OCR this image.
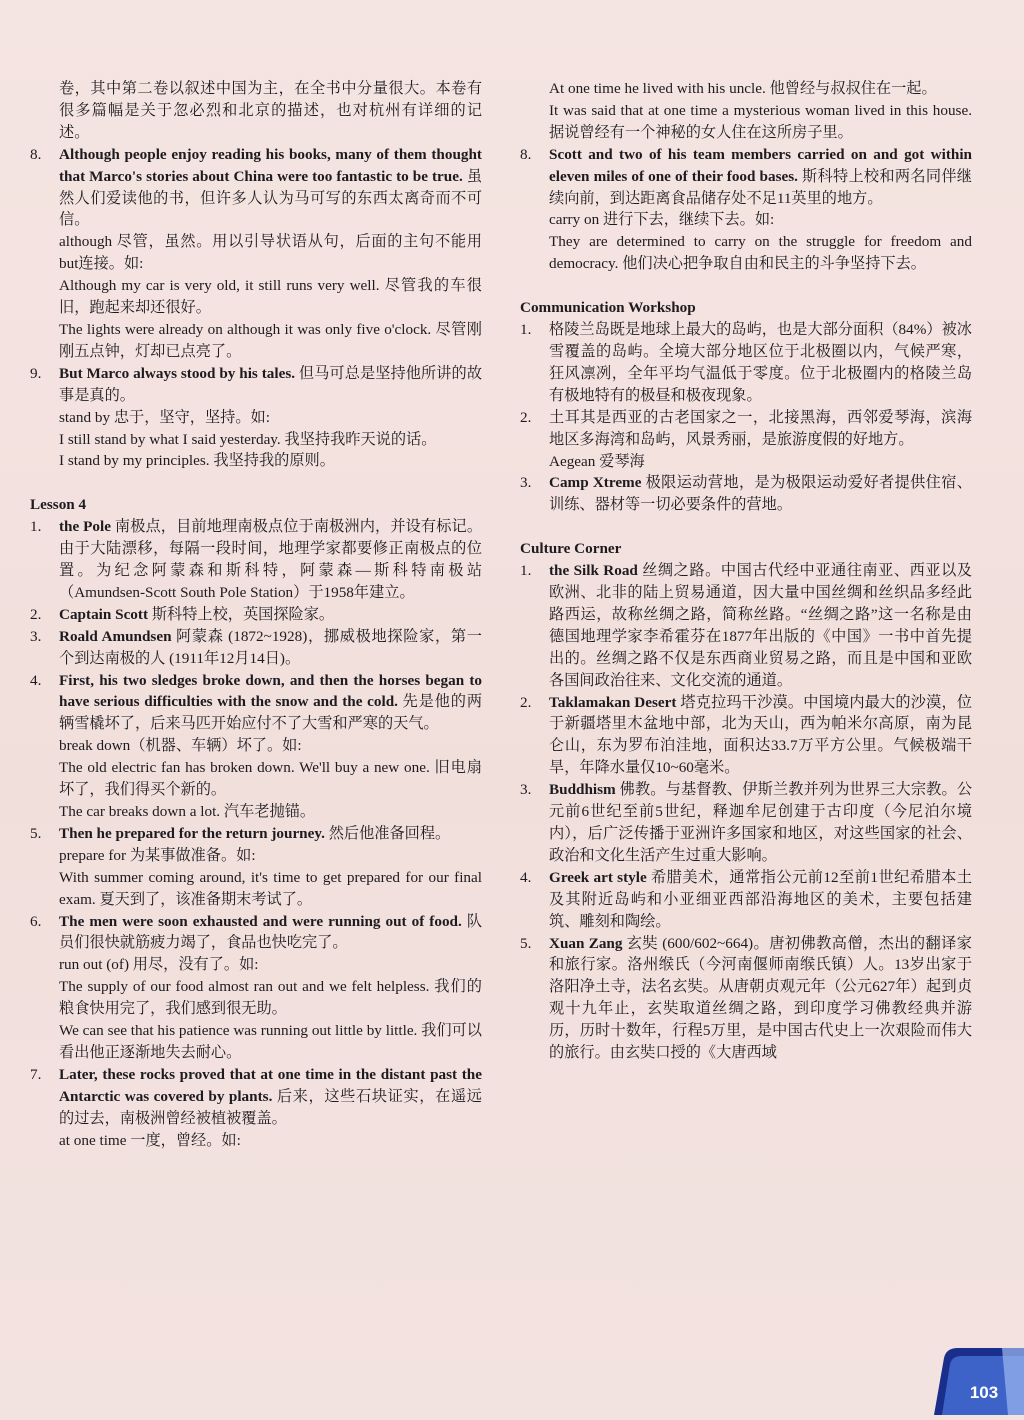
卷，其中第二卷以叙述中国为主，在全书中分量很大。本卷有很多篇幅是关于忽必烈和北京的描述，也对杭州有详细的记述。

8.	Although people enjoy reading his books, many of them thought that Marco's stories about China were too fantastic to be true. 虽然人们爱读他的书，但许多人认为马可写的东西太离奇而不可信。

although 尽管，虽然。用以引导状语从句，后面的主句不能用but连接。如:

Although my car is very old, it still runs very well. 尽管我的车很旧，跑起来却还很好。

The lights were already on although it was only five o'clock. 尽管刚刚五点钟，灯却已点亮了。

9.	But Marco always stood by his tales. 但马可总是坚持他所讲的故事是真的。

stand by 忠于，坚守，坚持。如:

I still stand by what I said yesterday. 我坚持我昨天说的话。

I stand by my principles. 我坚持我的原则。

Lesson 4

1.	the Pole 南极点，目前地理南极点位于南极洲内，并设有标记。由于大陆漂移，每隔一段时间，地理学家都要修正南极点的位置。为纪念阿蒙森和斯科特，阿蒙森—斯科特南极站（Amundsen-Scott South Pole Station）于1958年建立。

2.	Captain Scott 斯科特上校，英国探险家。

3.	Roald Amundsen 阿蒙森 (1872~1928)，挪威极地探险家，第一个到达南极的人 (1911年12月14日)。

4.	First, his two sledges broke down, and then the horses began to have serious difficulties with the snow and the cold. 先是他的两辆雪橇坏了，后来马匹开始应付不了大雪和严寒的天气。

break down（机器、车辆）坏了。如:

The old electric fan has broken down. We'll buy a new one. 旧电扇坏了，我们得买个新的。

The car breaks down a lot. 汽车老抛锚。

5.	Then he prepared for the return journey. 然后他准备回程。

prepare for 为某事做准备。如:

With summer coming around, it's time to get prepared for our final exam. 夏天到了，该准备期末考试了。

6.	The men were soon exhausted and were running out of food. 队员们很快就筋疲力竭了，食品也快吃完了。

run out (of) 用尽，没有了。如:

The supply of our food almost ran out and we felt helpless. 我们的粮食快用完了，我们感到很无助。

We can see that his patience was running out little by little. 我们可以看出他正逐渐地失去耐心。

7.	Later, these rocks proved that at one time in the distant past the Antarctic was covered by plants. 后来，这些石块证实，在遥远的过去，南极洲曾经被植被覆盖。

at one time 一度，曾经。如:

At one time he lived with his uncle. 他曾经与叔叔住在一起。

It was said that at one time a mysterious woman lived in this house. 据说曾经有一个神秘的女人住在这所房子里。

8.	Scott and two of his team members carried on and got within eleven miles of one of their food bases. 斯科特上校和两名同伴继续向前，到达距离食品储存处不足11英里的地方。

carry on 进行下去，继续下去。如:

They are determined to carry on the struggle for freedom and democracy. 他们决心把争取自由和民主的斗争坚持下去。

Communication Workshop

1.	格陵兰岛既是地球上最大的岛屿，也是大部分面积（84%）被冰雪覆盖的岛屿。全境大部分地区位于北极圈以内，气候严寒，狂风凛冽，全年平均气温低于零度。位于北极圈内的格陵兰岛有极地特有的极昼和极夜现象。

2.	土耳其是西亚的古老国家之一，北接黑海，西邻爱琴海，滨海地区多海湾和岛屿，风景秀丽，是旅游度假的好地方。

Aegean 爱琴海

3.	Camp Xtreme 极限运动营地，是为极限运动爱好者提供住宿、训练、器材等一切必要条件的营地。

Culture Corner

1.	the Silk Road 丝绸之路。中国古代经中亚通往南亚、西亚以及欧洲、北非的陆上贸易通道，因大量中国丝绸和丝织品多经此路西运，故称丝绸之路，简称丝路。“丝绸之路”这一名称是由德国地理学家李希霍芬在1877年出版的《中国》一书中首先提出的。丝绸之路不仅是东西商业贸易之路，而且是中国和亚欧各国间政治往来、文化交流的通道。

2.	Taklamakan Desert 塔克拉玛干沙漠。中国境内最大的沙漠，位于新疆塔里木盆地中部，北为天山，西为帕米尔高原，南为昆仑山，东为罗布泊洼地，面积达33.7万平方公里。气候极端干旱，年降水量仅10~60毫米。

3.	Buddhism 佛教。与基督教、伊斯兰教并列为世界三大宗教。公元前6世纪至前5世纪，释迦牟尼创建于古印度（今尼泊尔境内），后广泛传播于亚洲许多国家和地区，对这些国家的社会、政治和文化生活产生过重大影响。

4.	Greek art style 希腊美术，通常指公元前12至前1世纪希腊本土及其附近岛屿和小亚细亚西部沿海地区的美术，主要包括建筑、雕刻和陶绘。

5.	Xuan Zang 玄奘 (600/602~664)。唐初佛教高僧，杰出的翻译家和旅行家。洛州缑氏（今河南偃师南缑氏镇）人。13岁出家于洛阳净土寺，法名玄奘。从唐朝贞观元年（公元627年）起到贞观十九年止，玄奘取道丝绸之路，到印度学习佛教经典并游历，历时十数年，行程5万里，是中国古代史上一次艰险而伟大的旅行。由玄奘口授的《大唐西域

103
